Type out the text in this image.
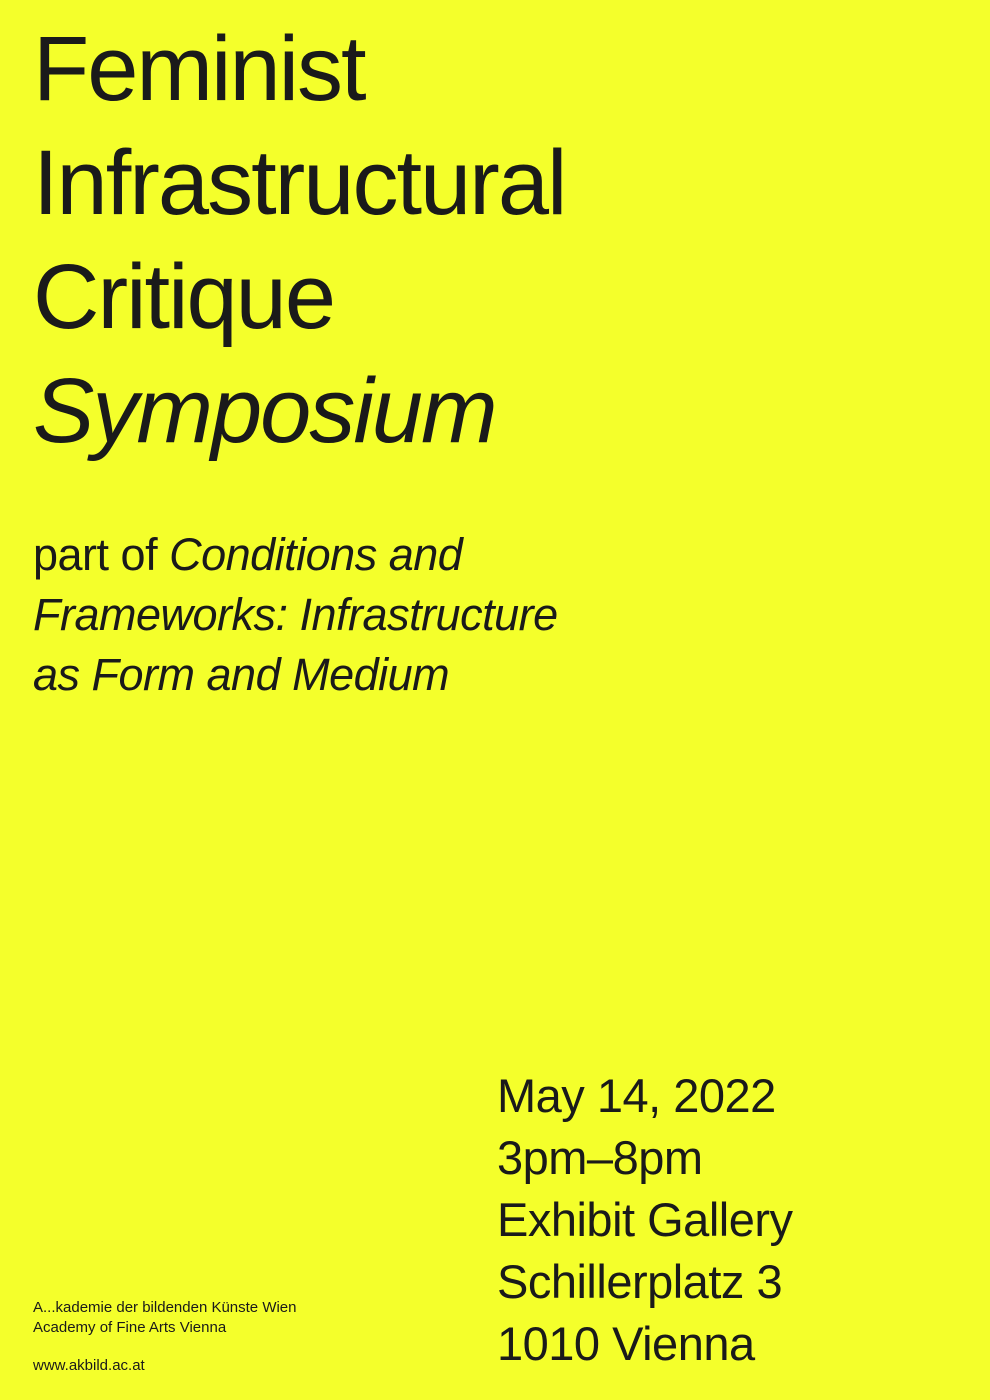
Feminist
Infrastructural
Critique
Symposium
part of Conditions and
Frameworks: Infrastructure
as Form and Medium
May 14, 2022
3pm–8pm
Exhibit Gallery
Schillerplatz 3
1010 Vienna
A...kademie der bildenden Künste Wien
Academy of Fine Arts Vienna
www.akbild.ac.at
